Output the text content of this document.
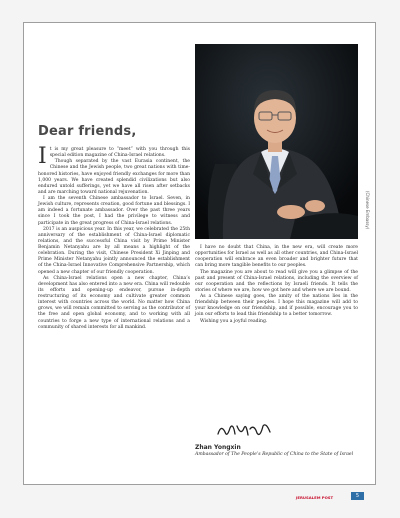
(Chinese Embassy)
Dear friends,

It is my great pleasure to “meet” with you through this special edition magazine of China-Israel relations.

Though separated by the vast Eurasia continent, the Chinese and the Jewish people, two great nations with time-honored histories, have enjoyed friendly exchanges for more than 1,000 years. We have created splendid civilizations but also endured untold sufferings, yet we have all risen after setbacks and are marching toward national rejuvenation.

I am the seventh Chinese ambassador to Israel. Seven, in Jewish culture, represents creation, good fortune and blessings. I am indeed a fortunate ambassador. Over the past three years since I took the post, I had the privilege to witness and participate in the great progress of China-Israel relations.

2017 is an auspicious year. In this year, we celebrated the 25th anniversary of the establishment of China-Israel diplomatic relations, and the successful China visit by Prime Minister Benjamin Netanyahu are by all means a highlight of the celebration. During the visit, Chinese President Xi Jinping and Prime Minister Netanyahu jointly announced the establishment of the China-Israel Innovative Comprehensive Partnership, which opened a new chapter of our friendly cooperation.

As China-Israel relations open a new chapter, China’s development has also entered into a new era. China will redouble its efforts and opening-up endeavor, pursue in-depth restructuring of its economy and cultivate greater common interest with countries across the world. No matter how China grows, we will remain committed to serving as the contributor of the free and open global economy, and to working with all countries to forge a new type of international relations and a community of shared interests for all mankind.

I have no doubt that China, in the new era, will create more opportunities for Israel as well as all other countries, and China-Israel cooperation will embrace an even broader and brighter future that can bring more tangible benefits to our peoples.

The magazine you are about to read will give you a glimpse of the past and present of China-Israel relations, including the overview of our cooperation and the reflections by Israeli friends. It tells the stories of where we are, how we got here and where we are bound.

As a Chinese saying goes, the amity of the nations lies in the friendship between their peoples. I hope this magazine will add to your knowledge on our friendship, and if possible, encourage you to join our efforts to lead this friendship to a better tomorrow.

Wishing you a joyful reading.

Zhan Yongxin

Ambassador of The People’s Republic of China to the State of Israel

JERUSALEM POST	5
